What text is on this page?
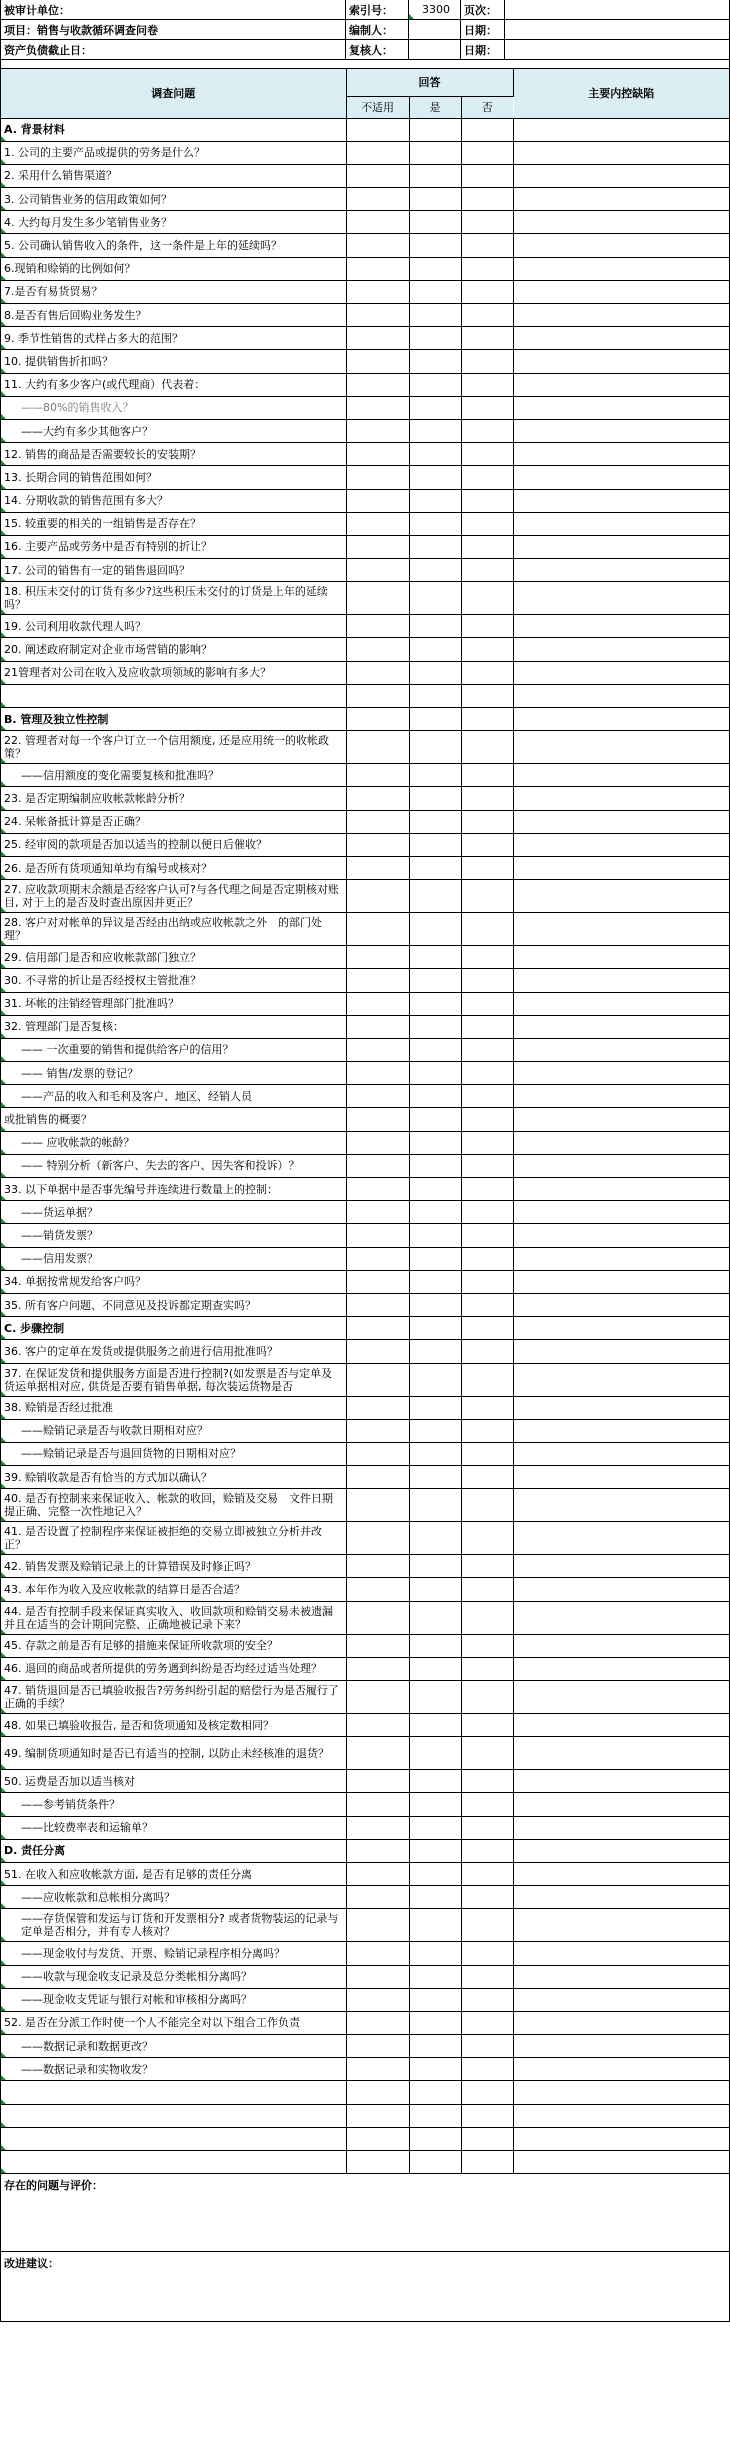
被审计单位：	索引号：	3300	页次：
项目： 销售与收款循环调查问卷	编制人：	日期：
资产负债截止日：	复核人：	日期：
调查问题	回答			主要内控缺陷
	不适用	是	否	
A. 背景材料				
1. 公司的主要产品或提供的劳务是什么？				
2. 采用什么销售渠道？				
3. 公司销售业务的信用政策如何？				
4. 大约每月发生多少笔销售业务？				
5. 公司确认销售收入的条件，这一条件是上年的延续吗？				
6.现销和赊销的比例如何？				
7.是否有易货贸易？				
8.是否有售后回购业务发生？				
9. 季节性销售的式样占多大的范围？				
10. 提供销售折扣吗？				
11. 大约有多少客户(或代理商）代表着：				
——80%的销售收入？				
——大约有多少其他客户？				
12. 销售的商品是否需要较长的安装期？				
13. 长期合同的销售范围如何？				
14. 分期收款的销售范围有多大？				
15. 较重要的相关的一组销售是否存在？				
16. 主要产品或劳务中是否有特别的折让？				
17. 公司的销售有一定的销售退回吗？				
18. 积压未交付的订货有多少?这些积压未交付的订货是上年的延续吗？				
19. 公司利用收款代理人吗？				
20. 阐述政府制定对企业市场营销的影响？				
21管理者对公司在收入及应收款项领域的影响有多大？				

B. 管理及独立性控制				
22. 管理者对每一个客户订立一个信用额度, 还是应用统一的收帐政策？				
——信用额度的变化需要复核和批准吗？				
23. 是否定期编制应收帐款帐龄分析？				
24. 呆帐备抵计算是否正确？				
25. 经审阅的款项是否加以适当的控制以便日后催收？				
26. 是否所有货项通知单均有编号或核对？				
27. 应收款项期末余额是否经客户认可?与各代理之间是否定期核对账目, 对于上的是否及时查出原因并更正？				
28. 客户对对帐单的异议是否经由出纳或应收帐款之外　的部门处理？				
29. 信用部门是否和应收帐款部门独立？				
30. 不寻常的折让是否经授权主管批准？				
31. 坏帐的注销经管理部门批准吗？				
32. 管理部门是否复核：				
—— 一次重要的销售和提供给客户的信用？				
—— 销售/发票的登记？				
——产品的收入和毛利及客户、地区、经销人员				
或批销售的概要？				
—— 应收帐款的帐龄？				
—— 特别分析（新客户、失去的客户、因失客和投诉）？				
33. 以下单据中是否事先编号并连续进行数量上的控制：				
——货运单据？				
——销货发票？				
——信用发票？				
34. 单据按常规发给客户吗？				
35. 所有客户问题、不同意见及投诉都定期查实吗？				
C. 步骤控制				
36. 客户的定单在发货或提供服务之前进行信用批准吗？				
37. 在保证发货和提供服务方面是否进行控制?(如发票是否与定单及货运单据相对应, 供货是否要有销售单据, 每次装运货物是否				
38. 赊销是否经过批准				
——赊销记录是否与收款日期相对应？				
——赊销记录是否与退回货物的日期相对应？				
39. 赊销收款是否有恰当的方式加以确认？				
40. 是否有控制来来保证收入、帐款的收回，赊销及交易　文件日期提正确、完整一次性地记入？				
41. 是否设置了控制程序来保证被拒绝的交易立即被独立分析并改正？				
42. 销售发票及赊销记录上的计算错误及时修正吗？				
43. 本年作为收入及应收帐款的结算日是否合适？				
44. 是否有控制手段来保证真实收入、收回款项和赊销交易未被遗漏并且在适当的会计期间完整、正确地被记录下来？				
45. 存款之前是否有足够的措施来保证所收款项的安全？				
46. 退回的商品或者所提供的劳务遇到纠纷是否均经过适当处理？				
47. 销货退回是否已填验收报告?劳务纠纷引起的赔偿行为是否履行了正确的手续？				
48. 如果已填验收报告, 是否和货项通知及核定数相同？				
49. 编制货项通知时是否已有适当的控制, 以防止未经核准的退货？				
50. 运费是否加以适当核对				
——参考销货条件？				
——比较费率表和运输单？				
D. 责任分离				
51. 在收入和应收帐款方面, 是否有足够的责任分离				
——应收帐款和总帐相分离吗？				
——存货保管和发运与订货和开发票相分? 或者货物装运的记录与定单是否相分，并有专人核对？				
——现金收付与发货、开票、赊销记录程序相分离吗？				
——收款与现金收支记录及总分类帐相分离吗？				
——现金收支凭证与银行对帐和审核相分离吗？				
52. 是否在分派工作时使一个人不能完全对以下组合工作负责				
——数据记录和数据更改？				
——数据记录和实物收发？				

存在的问题与评价：
改进建议：
